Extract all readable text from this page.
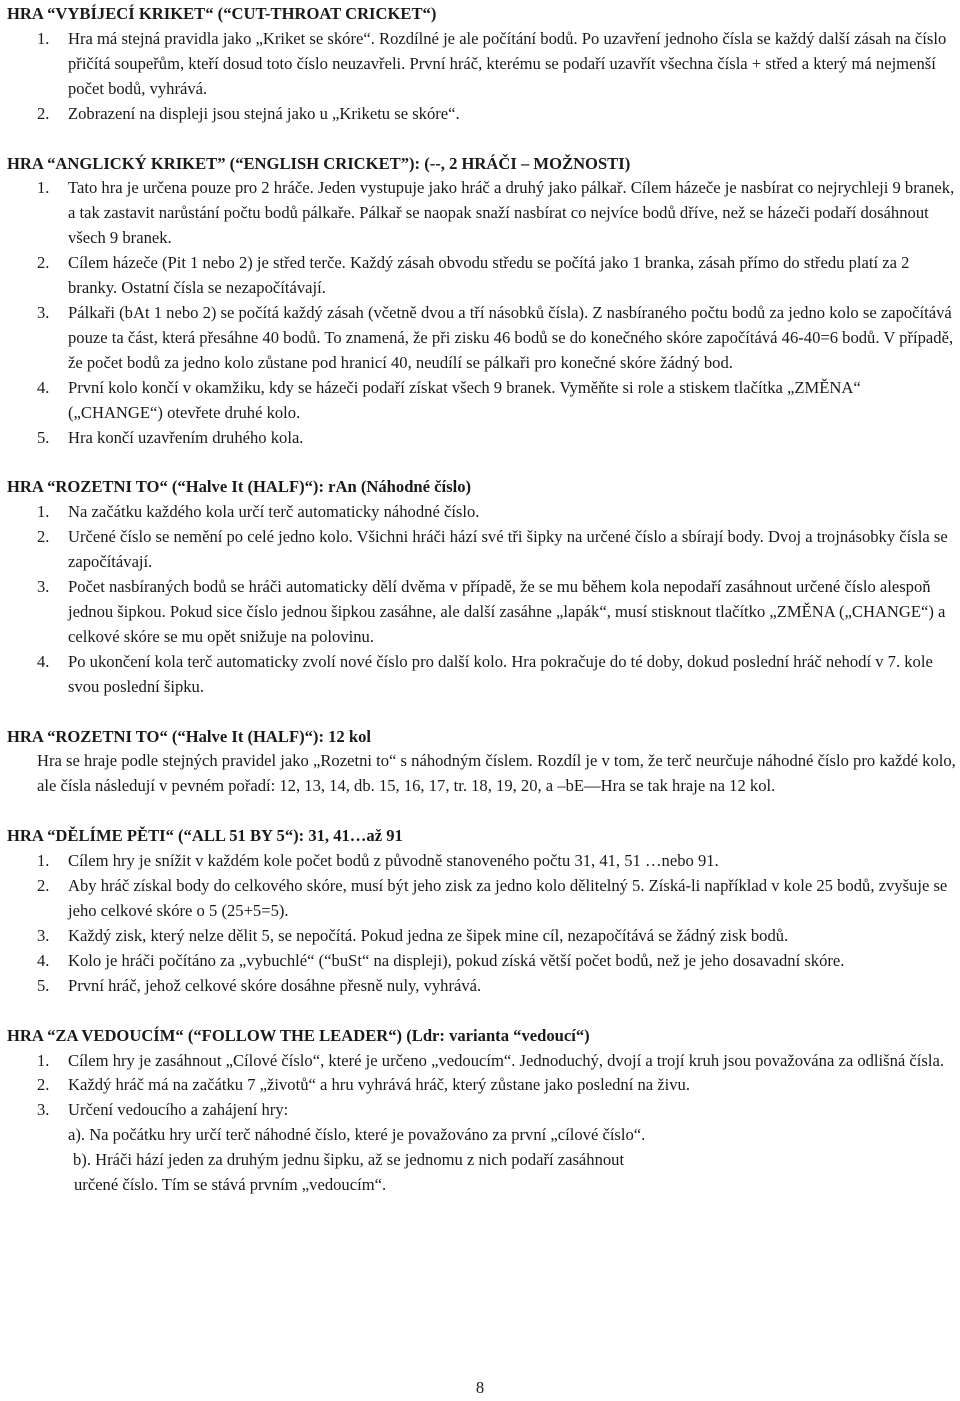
HRA “VYBÍJECÍ KRIKET“ (“CUT-THROAT CRICKET“)

1. Hra má stejná pravidla jako „Kriket se skóre“. Rozdílné je ale počítání bodů. Po uzavření jednoho čísla se každý další zásah na číslo přičítá soupeřům, kteří dosud toto číslo neuzavřeli. První hráč, kterému se podaří uzavřít všechna čísla + střed a který má nejmenší počet bodů, vyhrává.
2. Zobrazení na displeji jsou stejná jako u „Kriketu se skóre“.

HRA “ANGLICKÝ KRIKET” (“ENGLISH CRICKET”): (--, 2 HRÁČI – MOŽNOSTI)

1. Tato hra je určena pouze pro 2 hráče. Jeden vystupuje jako hráč a druhý jako pálkař. Cílem házeče je nasbírat co nejrychleji 9 branek, a tak zastavit narůstání počtu bodů pálkaře. Pálkař se naopak snaží nasbírat co nejvíce bodů dříve, než se házeči podaří dosáhnout všech 9 branek.
2. Cílem házeče (Pit 1 nebo 2) je střed terče. Každý zásah obvodu středu se počítá jako 1 branka, zásah přímo do středu platí za 2 branky. Ostatní čísla se nezapočítávají.
3. Pálkaři (bAt 1 nebo 2) se počítá každý zásah (včetně dvou a tří násobků čísla). Z nasbíraného počtu bodů za jedno kolo se započítává pouze ta část, která přesáhne 40 bodů. To znamená, že při zisku 46 bodů se do konečného skóre započítává 46-40=6 bodů. V případě, že počet bodů za jedno kolo zůstane pod hranicí 40, neudílí se pálkaři pro konečné skóre žádný bod.
4. První kolo končí v okamžiku, kdy se házeči podaří získat všech 9 branek. Vyměňte si role a stiskem tlačítka „ZMĚNA“ („CHANGE“) otevřete druhé kolo.
5. Hra končí uzavřením druhého kola.

HRA “ROZETNI TO“ (“Halve It (HALF)“): rAn (Náhodné číslo)

1. Na začátku každého kola určí terč automaticky náhodné číslo.
2. Určené číslo se nemění po celé jedno kolo. Všichni hráči hází své tři šipky na určené číslo a sbírají body. Dvoj a trojnásobky čísla se započítávají.
3. Počet nasbíraných bodů se hráči automaticky dělí dvěma v případě, že se mu během kola nepodaří zasáhnout určené číslo alespoň jednou šipkou. Pokud sice číslo jednou šipkou zasáhne, ale další zasáhne „lapák“, musí stisknout tlačítko „ZMĚNA („CHANGE“) a celkové skóre se mu opět snižuje na polovinu.
4. Po ukončení kola terč automaticky zvolí nové číslo pro další kolo. Hra pokračuje do té doby, dokud poslední hráč nehodí v 7. kole svou poslední šipku.

HRA “ROZETNI TO“ (“Halve It (HALF)“): 12 kol

Hra se hraje podle stejných pravidel jako „Rozetni to“ s náhodným číslem. Rozdíl je v tom, že terč neurčuje náhodné číslo pro každé kolo, ale čísla následují v pevném pořadí: 12, 13, 14, db. 15, 16, 17, tr. 18, 19, 20, a –bE—Hra se tak hraje na 12 kol.

HRA “DĚLÍME PĚTI“ (“ALL 51 BY 5“): 31, 41…až 91

1. Cílem hry je snížit v každém kole počet bodů z původně stanoveného počtu 31, 41, 51 …nebo 91.
2. Aby hráč získal body do celkového skóre, musí být jeho zisk za jedno kolo dělitelný 5. Získá-li například v kole 25 bodů, zvyšuje se jeho celkové skóre o 5 (25+5=5).
3. Každý zisk, který nelze dělit 5, se nepočítá. Pokud jedna ze šipek mine cíl, nezapočítává se žádný zisk bodů.
4. Kolo je hráči počítáno za „vybuchlé“ (“buSt“ na displeji), pokud získá větší počet bodů, než je jeho dosavadní skóre.
5. První hráč, jehož celkové skóre dosáhne přesně nuly, vyhrává.

HRA “ZA VEDOUCÍM“ (“FOLLOW THE LEADER“) (Ldr: varianta “vedoucí“)

1. Cílem hry je zasáhnout „Cílové číslo“, které je určeno „vedoucím“. Jednoduchý, dvojí a trojí kruh jsou považována za odlišná čísla.
2. Každý hráč má na začátku 7 „životů“ a hru vyhrává hráč, který zůstane jako poslední na živu.
3. Určení vedoucího a zahájení hry:

a). Na počátku hry určí terč náhodné číslo, které je považováno za první „cílové číslo“.

b). Hráči hází jeden za druhým jednu šipku, až se jednomu z nich podaří zasáhnout

určené číslo. Tím se stává prvním „vedoucím“.

8
